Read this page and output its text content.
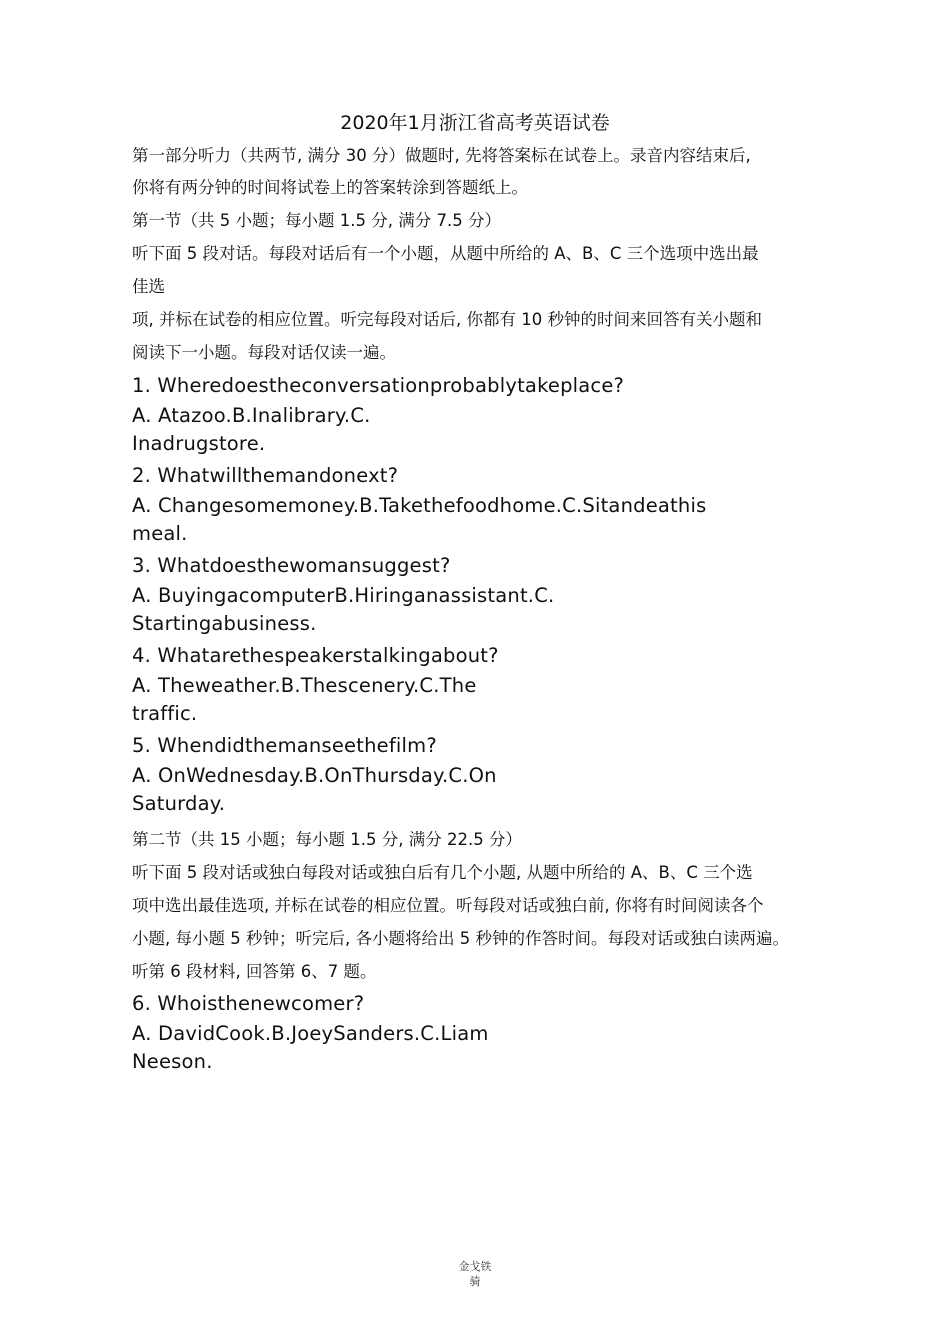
2020年1月浙江省高考英语试卷
第一部分听力（共两节, 满分 30 分）做题时, 先将答案标在试卷上。录音内容结束后,
你将有两分钟的时间将试卷上的答案转涂到答题纸上。
第一节（共 5 小题；每小题 1.5 分, 满分 7.5 分）
听下面 5 段对话。每段对话后有一个小题，从题中所给的 A、B、C 三个选项中选出最
佳选
项, 并标在试卷的相应位置。听完每段对话后, 你都有 10 秒钟的时间来回答有关小题和
阅读下一小题。每段对话仅读一遍。
1. Wheredoestheconversationprobablytakeplace?
A. Atazoo.B.Inalibrary.C.
Inadrugstore.
2. Whatwillthemandonext?
A. Changesomemoney.B.Takethefoodhome.C.Sitandeathis
meal.
3. Whatdoesthewomansuggest?
A. BuyingacomputerB.Hiringanassistant.C.
Startingabusiness.
4. Whatarethespeakerstalkingabout?
A. Theweather.B.Thescenery.C.The
traffic.
5. Whendidthemanseethefilm?
A. OnWednesday.B.OnThursday.C.On
Saturday.
第二节（共 15 小题；每小题 1.5 分, 满分 22.5 分）
听下面 5 段对话或独白每段对话或独白后有几个小题, 从题中所给的 A、B、C 三个选
项中选出最佳选项, 并标在试卷的相应位置。听每段对话或独白前, 你将有时间阅读各个
小题, 每小题 5 秒钟；听完后, 各小题将给出 5 秒钟的作答时间。每段对话或独白读两遍。
听第 6 段材料, 回答第 6、7 题。
6. Whoisthenewcomer?
A. DavidCook.B.JoeySanders.C.Liam
Neeson.
金戈铁
骑
